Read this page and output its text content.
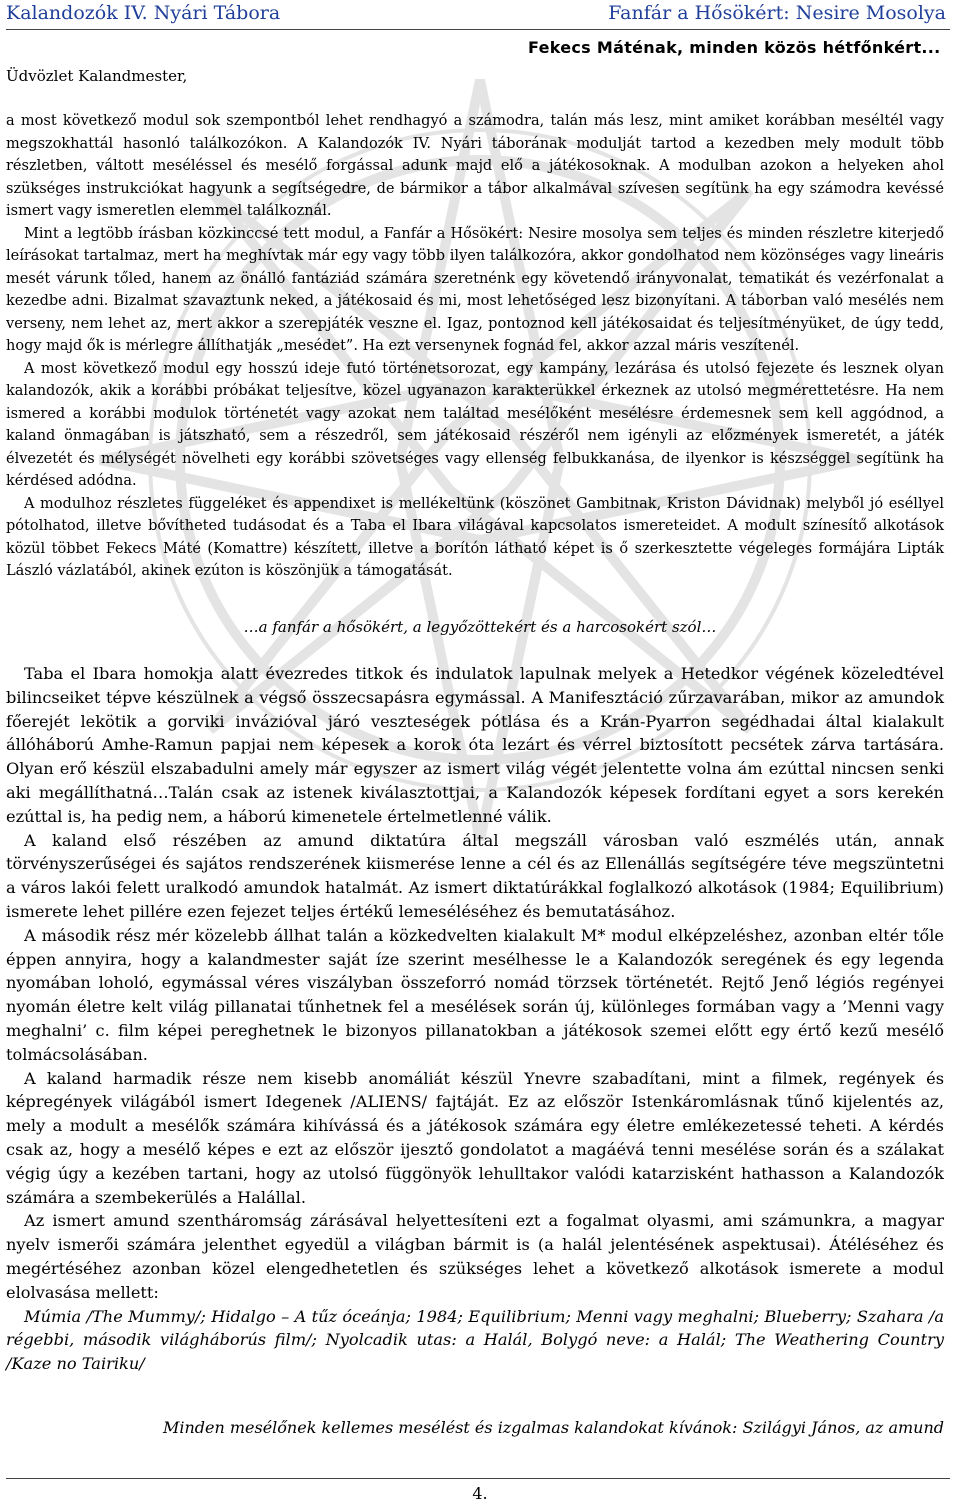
Kalandozók IV. Nyári Tábora	Fanfár a Hősökért: Nesire Mosolya
Fekecs Máténak, minden közös hétfőnkért...
Üdvözlet Kalandmester,

a most következő modul sok szempontból lehet rendhagyó a számodra, talán más lesz, mint amiket korábban meséltél vagy megszokhattál hasonló találkozókon. A Kalandozók IV. Nyári táborának modulját tartod a kezedben mely modult több részletben, váltott meséléssel és mesélő forgással adunk majd elő a játékosoknak. A modulban azokon a helyeken ahol szükséges instrukciókat hagyunk a segítségedre, de bármikor a tábor alkalmával szívesen segítünk ha egy számodra kevéssé ismert vagy ismeretlen elemmel találkoznál.

Mint a legtöbb írásban közkinccsé tett modul, a Fanfár a Hősökért: Nesire mosolya sem teljes és minden részletre kiterjedő leírásokat tartalmaz, mert ha meghívtak már egy vagy több ilyen találkozóra, akkor gondolhatod nem közönséges vagy lineáris mesét várunk tőled, hanem az önálló fantáziád számára szeretnénk egy követendő irányvonalat, tematikát és vezérfonalat a kezedbe adni. Bizalmat szavaztunk neked, a játékosaid és mi, most lehetőséged lesz bizonyítani. A táborban való mesélés nem verseny, nem lehet az, mert akkor a szerepjáték veszne el. Igaz, pontoznod kell játékosaidat és teljesítményüket, de úgy tedd, hogy majd ők is mérlegre állíthatják „mesédet”. Ha ezt versenynek fognád fel, akkor azzal máris veszítenél.

A most következő modul egy hosszú ideje futó történetsorozat, egy kampány, lezárása és utolsó fejezete és lesznek olyan kalandozók, akik a korábbi próbákat teljesítve, közel ugyanazon karakterükkel érkeznek az utolsó megmérettetésre. Ha nem ismered a korábbi modulok történetét vagy azokat nem találtad mesélőként mesélésre érdemesnek sem kell aggódnod, a kaland önmagában is játszható, sem a részedről, sem játékosaid részéről nem igényli az előzmények ismeretét, a játék élvezetét és mélységét növelheti egy korábbi szövetséges vagy ellenség felbukkanása, de ilyenkor is készséggel segítünk ha kérdésed adódna.

A modulhoz részletes függeléket és appendixet is mellékeltünk (köszönet Gambitnak, Kriston Dávidnak) melyből jó eséllyel pótolhatod, illetve bővítheted tudásodat és a Taba el Ibara világával kapcsolatos ismereteidet. A modult színesítő alkotások közül többet Fekecs Máté (Komattre) készített, illetve a borítón látható képet is ő szerkesztette végeleges formájára Lipták László vázlatából, akinek ezúton is köszönjük a támogatását.

…a fanfár a hősökért, a legyőzöttekért és a harcosokért szól…

Taba el Ibara homokja alatt évezredes titkok és indulatok lapulnak melyek a Hetedkor végének közeledtével bilincseiket tépve készülnek a végső összecsapásra egymással. A Manifesztáció zűrzavarában, mikor az amundok főerejét lekötik a gorviki invázióval járó veszteségek pótlása és a Krán-Pyarron segédhadai által kialakult állóháború Amhe-Ramun papjai nem képesek a korok óta lezárt és vérrel biztosított pecsétek zárva tartására. Olyan erő készül elszabadulni amely már egyszer az ismert világ végét jelentette volna ám ezúttal nincsen senki aki megállíthatná…Talán csak az istenek kiválasztottjai, a Kalandozók képesek fordítani egyet a sors kerekén ezúttal is, ha pedig nem, a háború kimenetele értelmetlenné válik.

A kaland első részében az amund diktatúra által megszáll városban való eszmélés után, annak törvényszerűségei és sajátos rendszerének kiismerése lenne a cél és az Ellenállás segítségére téve megszüntetni a város lakói felett uralkodó amundok hatalmát. Az ismert diktatúrákkal foglalkozó alkotások (1984; Equilibrium) ismerete lehet pillére ezen fejezet teljes értékű lemeséléséhez és bemutatásához.

A második rész mér közelebb állhat talán a közkedvelten kialakult M* modul elképzeléshez, azonban eltér tőle éppen annyira, hogy a kalandmester saját íze szerint mesélhesse le a Kalandozók seregének és egy legenda nyomában loholó, egymással véres viszályban összeforró nomád törzsek történetét. Rejtő Jenő légiós regényei nyomán életre kelt világ pillanatai tűnhetnek fel a mesélések során új, különleges formában vagy a ’Menni vagy meghalni’ c. film képei pereghetnek le bizonyos pillanatokban a játékosok szemei előtt egy értő kezű mesélő tolmácsolásában.

A kaland harmadik része nem kisebb anomáliát készül Ynevre szabadítani, mint a filmek, regények és képregények világából ismert Idegenek /ALIENS/ fajtáját. Ez az először Istenkáromlásnak tűnő kijelentés az, mely a modult a mesélők számára kihívássá és a játékosok számára egy életre emlékezetessé teheti. A kérdés csak az, hogy a mesélő képes e ezt az először ijesztő gondolatot a magáévá tenni mesélése során és a szálakat végig úgy a kezében tartani, hogy az utolsó függönyök lehulltakor valódi katarzisként hathasson a Kalandozók számára a szembekerülés a Halállal.

Az ismert amund szentháromság zárásával helyettesíteni ezt a fogalmat olyasmi, ami számunkra, a magyar nyelv ismerői számára jelenthet egyedül a világban bármit is (a halál jelentésének aspektusai). Átéléséhez és megértéséhez azonban közel elengedhetetlen és szükséges lehet a következő alkotások ismerete a modul elolvasása mellett:

Múmia /The Mummy/; Hidalgo – A tűz óceánja; 1984; Equilibrium; Menni vagy meghalni; Blueberry; Szahara /a régebbi, második világháborús film/; Nyolcadik utas: a Halál, Bolygó neve: a Halál; The Weathering Country /Kaze no Tairiku/

Minden mesélőnek kellemes mesélést és izgalmas kalandokat kívánok: Szilágyi János, az amund
4.
